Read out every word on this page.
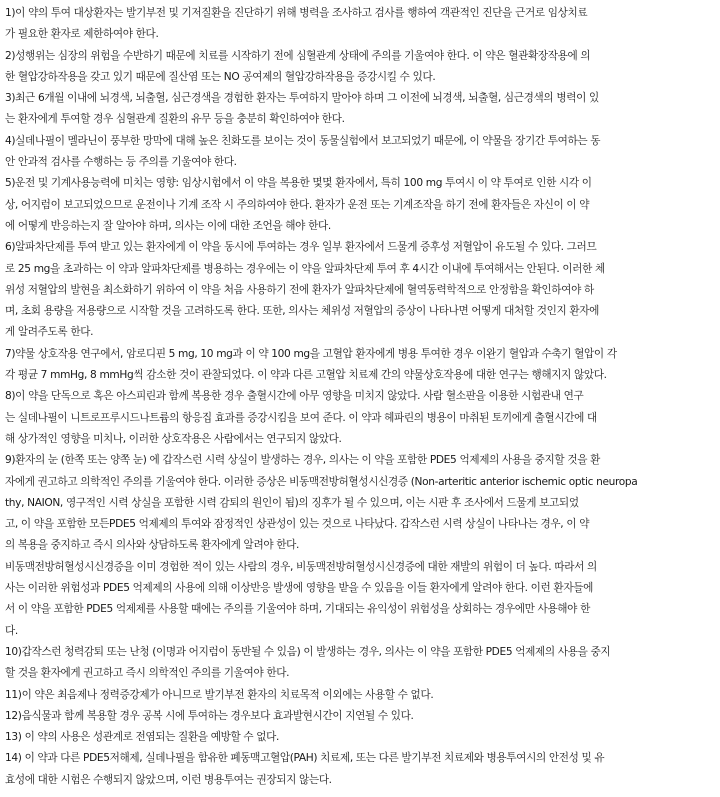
1)이 약의 투여 대상환자는 발기부전 및 기저질환을 진단하기 위해 병력을 조사하고 검사를 행하여 객관적인 진단을 근거로 임상치료
가 필요한 환자로 제한하여야 한다.
2)성행위는 심장의 위험을 수반하기 때문에 치료를 시작하기 전에 심혈관계 상태에 주의를 기울여야 한다. 이 약은 혈관확장작용에 의
한 혈압강하작용을 갖고 있기 때문에 질산염 또는 NO 공여제의 혈압강하작용을 증강시킬 수 있다.
3)최근 6개월 이내에 뇌경색, 뇌출혈, 심근경색을 경험한 환자는 투여하지 말아야 하며 그 이전에 뇌경색, 뇌출혈, 심근경색의 병력이 있
는 환자에게 투여할 경우 심혈관계 질환의 유무 등을 충분히 확인하여야 한다.
4)실데나필이 멜라닌이 풍부한 망막에 대해 높은 친화도를 보이는 것이 동물실험에서 보고되었기 때문에, 이 약물을 장기간 투여하는 동
안 안과적 검사를 수행하는 등 주의를 기울여야 한다.
5)운전 및 기계사용능력에 미치는 영향: 임상시험에서 이 약을 복용한 몇몇 환자에서, 특히 100 mg 투여시 이 약 투여로 인한 시각 이
상, 어지럼이 보고되었으므로 운전이나 기계 조작 시 주의하여야 한다. 환자가 운전 또는 기계조작을 하기 전에 환자들은 자신이 이 약
에 어떻게 반응하는지 잘 알아야 하며, 의사는 이에 대한 조언을 해야 한다.
6)알파차단제를 투여 받고 있는 환자에게 이 약을 동시에 투여하는 경우 일부 환자에서 드물게 증후성 저혈압이 유도될 수 있다. 그러므
로 25 mg을 초과하는 이 약과 알파차단제를 병용하는 경우에는 이 약을 알파차단제 투여 후 4시간 이내에 투여해서는 안된다. 이러한 체
위성 저혈압의 발현을 최소화하기 위하여 이 약을 처음 사용하기 전에 환자가 알파차단제에 혈역동력학적으로 안정함을 확인하여야 하
며, 초회 용량을 저용량으로 시작할 것을 고려하도록 한다. 또한, 의사는 체위성 저혈압의 증상이 나타나면 어떻게 대처할 것인지 환자에
게 알려주도록 한다.
7)약물 상호작용 연구에서, 암로디핀 5 mg, 10 mg과 이 약 100 mg을 고혈압 환자에게 병용 투여한 경우 이완기 혈압과 수축기 혈압이 각
각 평균 7 mmHg, 8 mmHg씩 감소한 것이 관찰되었다. 이 약과 다른 고혈압 치료제 간의 약물상호작용에 대한 연구는 행해지지 않았다.
8)이 약을 단독으로 혹은 아스피린과 함께 복용한 경우 출혈시간에 아무 영향을 미치지 않았다. 사람 혈소판을 이용한 시험관내 연구
는 실데나필이 니트로프루시드나트륨의 항응집 효과를 증강시킴을 보여 준다. 이 약과 헤파린의 병용이 마취된 토끼에게 출혈시간에 대
해 상가적인 영향을 미치나, 이러한 상호작용은 사람에서는 연구되지 않았다.
9)환자의 눈 (한쪽 또는 양쪽 눈) 에 갑작스런 시력 상실이 발생하는 경우, 의사는 이 약을 포함한 PDE5 억제제의 사용을 중지할 것을 환
자에게 권고하고 의학적인 주의를 기울여야 한다. 이러한 증상은 비동맥전방허혈성시신경증 (Non-arteritic anterior ischemic optic neuropa
thy, NAION, 영구적인 시력 상실을 포함한 시력 감퇴의 원인이 됨)의 징후가 될 수 있으며, 이는 시판 후 조사에서 드물게 보고되었
고, 이 약을 포함한 모든PDE5 억제제의 투여와 잠정적인 상관성이 있는 것으로 나타났다. 갑작스런 시력 상실이 나타나는 경우, 이 약
의 복용을 중지하고 즉시 의사와 상담하도록 환자에게 알려야 한다.
비동맥전방허혈성시신경증을 이미 경험한 적이 있는 사람의 경우, 비동맥전방허혈성시신경증에 대한 재발의 위험이 더 높다. 따라서 의
사는 이러한 위험성과 PDE5 억제제의 사용에 의해 이상반응 발생에 영향을 받을 수 있음을 이들 환자에게 알려야 한다. 이런 환자들에
서 이 약을 포함한 PDE5 억제제를 사용할 때에는 주의를 기울여야 하며, 기대되는 유익성이 위험성을 상회하는 경우에만 사용해야 한
다.
10)갑작스런 청력감퇴 또는 난청 (이명과 어지럼이 동반될 수 있음) 이 발생하는 경우, 의사는 이 약을 포함한 PDE5 억제제의 사용을 중지
할 것을 환자에게 권고하고 즉시 의학적인 주의를 기울여야 한다.
11)이 약은 최음제나 정력증강제가 아니므로 발기부전 환자의 치료목적 이외에는 사용할 수 없다.
12)음식물과 함께 복용할 경우 공복 시에 투여하는 경우보다 효과발현시간이 지연될 수 있다.
13) 이 약의 사용은 성관계로 전염되는 질환을 예방할 수 없다.
14) 이 약과 다른 PDE5저해제, 실데나필을 함유한 폐동맥고혈압(PAH) 치료제, 또는 다른 발기부전 치료제와 병용투여시의 안전성 및 유
효성에 대한 시험은 수행되지 않았으며, 이런 병용투여는 권장되지 않는다.
